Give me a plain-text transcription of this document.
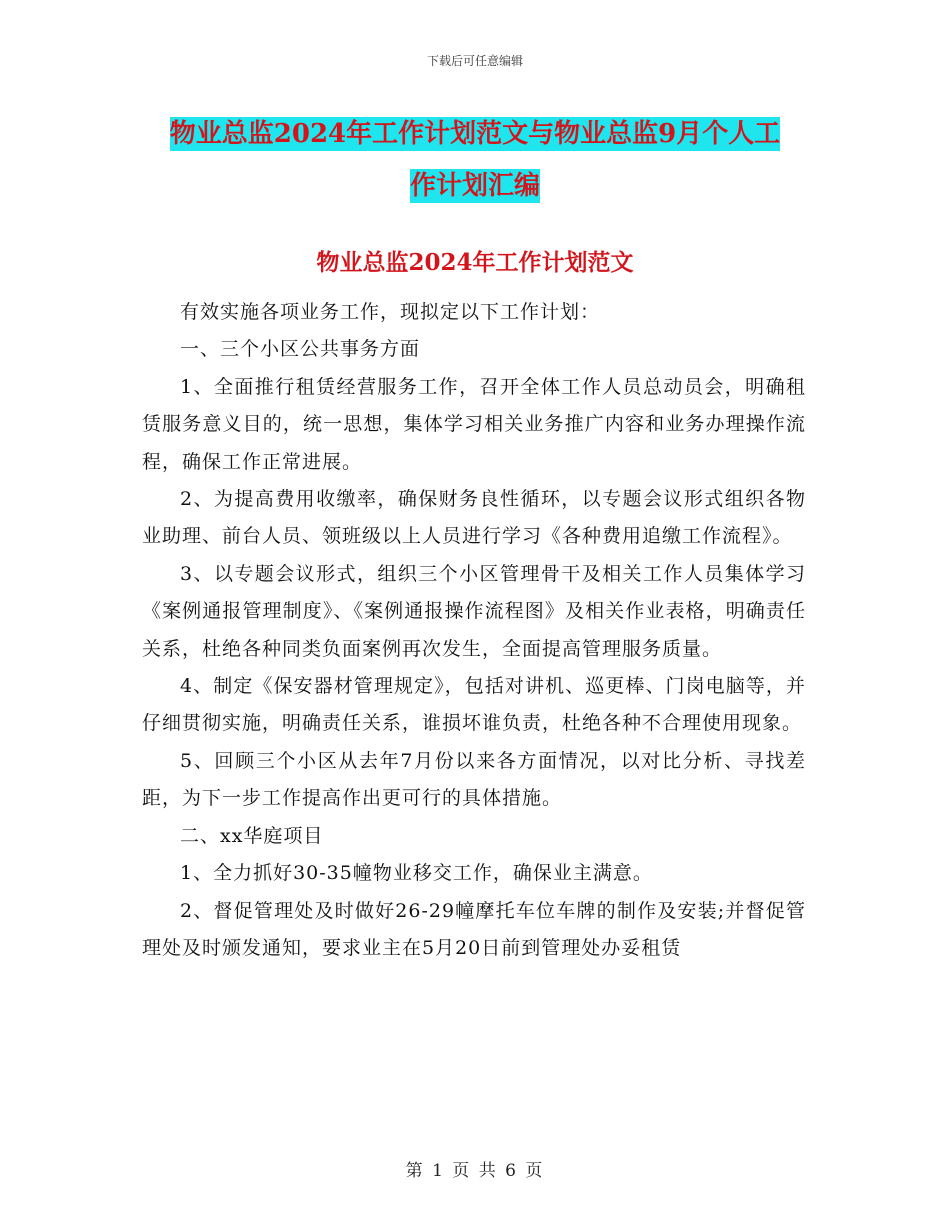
下载后可任意编辑
物业总监2024年工作计划范文与物业总监9月个人工
作计划汇编
物业总监2024年工作计划范文

有效实施各项业务工作，现拟定以下工作计划：

一、三个小区公共事务方面

1、全面推行租赁经营服务工作，召开全体工作人员总动员会，明确租赁服务意义目的，统一思想，集体学习相关业务推广内容和业务办理操作流程，确保工作正常进展。

2、为提高费用收缴率，确保财务良性循环，以专题会议形式组织各物业助理、前台人员、领班级以上人员进行学习《各种费用追缴工作流程》。

3、以专题会议形式，组织三个小区管理骨干及相关工作人员集体学习《案例通报管理制度》、《案例通报操作流程图》及相关作业表格，明确责任关系，杜绝各种同类负面案例再次发生，全面提高管理服务质量。

4、制定《保安器材管理规定》，包括对讲机、巡更棒、门岗电脑等，并仔细贯彻实施，明确责任关系，谁损坏谁负责，杜绝各种不合理使用现象。

5、回顾三个小区从去年7月份以来各方面情况，以对比分析、寻找差距，为下一步工作提高作出更可行的具体措施。

二、xx华庭项目

1、全力抓好30-35幢物业移交工作，确保业主满意。

2、督促管理处及时做好26-29幢摩托车位车牌的制作及安装;并督促管理处及时颁发通知，要求业主在5月20日前到管理处办妥租赁

第 1 页 共 6 页
